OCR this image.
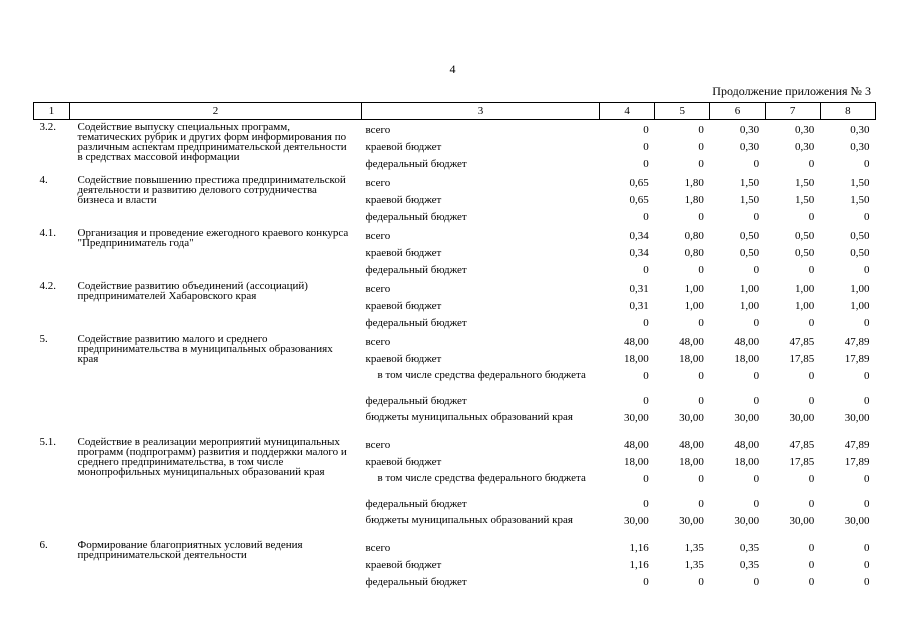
4
Продолжение приложения № 3
1	2	3	4	5	6	7	8
3.2.	Содействие выпуску специальных программ, тематических рубрик и других форм информирования по различным аспектам предпринимательской деятельности в средствах массовой информации	всего	0	0	0,30	0,30	0,30
		краевой бюджет	0	0	0,30	0,30	0,30
		федеральный бюджет	0	0	0	0	0
4.	Содействие повышению престижа предпринимательской деятельности и развитию делового сотрудничества бизнеса и власти	всего	0,65	1,80	1,50	1,50	1,50
		краевой бюджет	0,65	1,80	1,50	1,50	1,50
		федеральный бюджет	0	0	0	0	0
4.1.	Организация и проведение ежегодного краевого конкурса "Предприниматель года"	всего	0,34	0,80	0,50	0,50	0,50
		краевой бюджет	0,34	0,80	0,50	0,50	0,50
		федеральный бюджет	0	0	0	0	0
4.2.	Содействие развитию объединений (ассоциаций) предпринимателей Хабаровского края	всего	0,31	1,00	1,00	1,00	1,00
		краевой бюджет	0,31	1,00	1,00	1,00	1,00
		федеральный бюджет	0	0	0	0	0
5.	Содействие развитию малого и среднего предпринимательства в муниципальных образованиях края	всего	48,00	48,00	48,00	47,85	47,89
		краевой бюджет	18,00	18,00	18,00	17,85	17,89
		в том числе средства федерального бюджета	0	0	0	0	0
		федеральный бюджет	0	0	0	0	0
		бюджеты муниципальных образований края	30,00	30,00	30,00	30,00	30,00
5.1.	Содействие в реализации мероприятий муниципальных программ (подпрограмм) развития и поддержки малого и среднего предпринимательства, в том числе монопрофильных муниципальных образований края	всего	48,00	48,00	48,00	47,85	47,89
		краевой бюджет	18,00	18,00	18,00	17,85	17,89
		в том числе средства федерального бюджета	0	0	0	0	0
		федеральный бюджет	0	0	0	0	0
		бюджеты муниципальных образований края	30,00	30,00	30,00	30,00	30,00
6.	Формирование благоприятных условий ведения предпринимательской деятельности	всего	1,16	1,35	0,35	0	0
		краевой бюджет	1,16	1,35	0,35	0	0
		федеральный бюджет	0	0	0	0	0
